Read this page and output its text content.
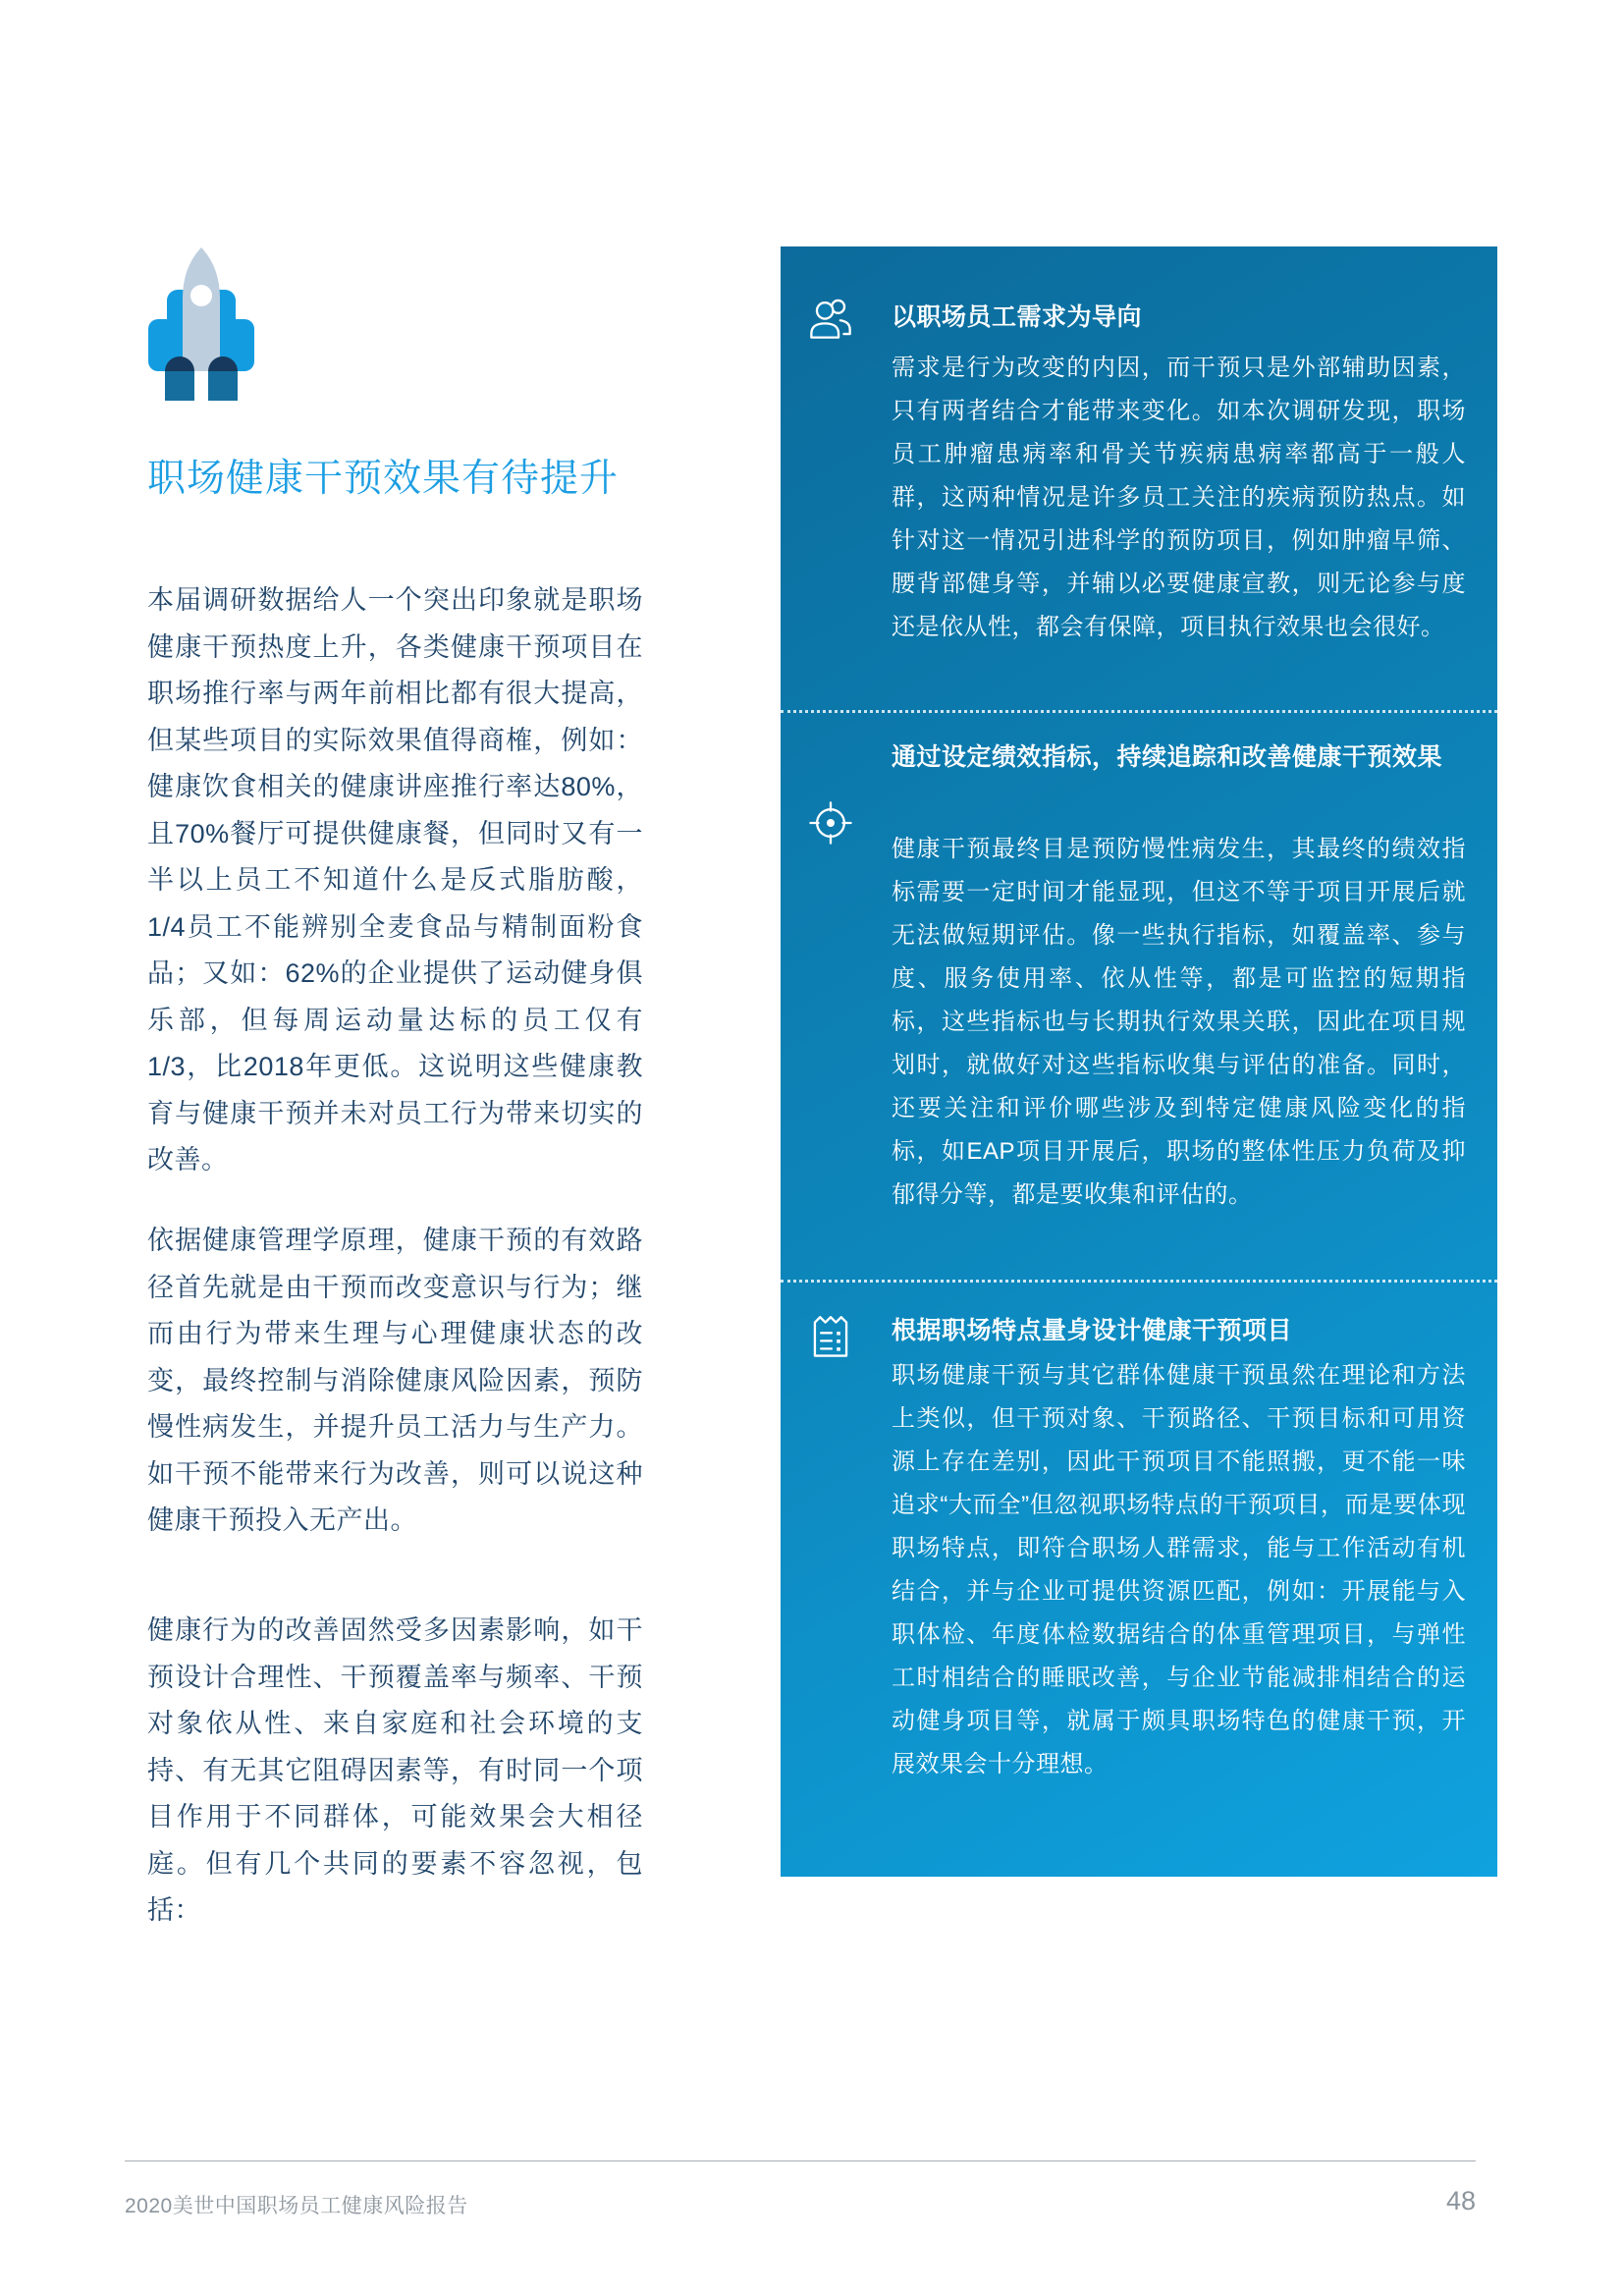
职场健康干预效果有待提升

本届调研数据给人一个突出印象就是职场健康干预热度上升，各类健康干预项目在职场推行率与两年前相比都有很大提高，但某些项目的实际效果值得商榷，例如：健康饮食相关的健康讲座推行率达80%，且70%餐厅可提供健康餐，但同时又有一半以上员工不知道什么是反式脂肪酸，1/4员工不能辨别全麦食品与精制面粉食品；又如：62%的企业提供了运动健身俱乐部，但每周运动量达标的员工仅有1/3，比2018年更低。这说明这些健康教育与健康干预并未对员工行为带来切实的改善。

依据健康管理学原理，健康干预的有效路径首先就是由干预而改变意识与行为；继而由行为带来生理与心理健康状态的改变，最终控制与消除健康风险因素，预防慢性病发生，并提升员工活力与生产力。如干预不能带来行为改善，则可以说这种健康干预投入无产出。

健康行为的改善固然受多因素影响，如干预设计合理性、干预覆盖率与频率、干预对象依从性、来自家庭和社会环境的支持、有无其它阻碍因素等，有时同一个项目作用于不同群体，可能效果会大相径庭。但有几个共同的要素不容忽视，包括：

以职场员工需求为导向

需求是行为改变的内因，而干预只是外部辅助因素，只有两者结合才能带来变化。如本次调研发现，职场员工肿瘤患病率和骨关节疾病患病率都高于一般人群，这两种情况是许多员工关注的疾病预防热点。如针对这一情况引进科学的预防项目，例如肿瘤早筛、腰背部健身等，并辅以必要健康宣教，则无论参与度还是依从性，都会有保障，项目执行效果也会很好。

通过设定绩效指标，持续追踪和改善健康干预效果

健康干预最终目是预防慢性病发生，其最终的绩效指标需要一定时间才能显现，但这不等于项目开展后就无法做短期评估。像一些执行指标，如覆盖率、参与度、服务使用率、依从性等，都是可监控的短期指标，这些指标也与长期执行效果关联，因此在项目规划时，就做好对这些指标收集与评估的准备。同时，还要关注和评价哪些涉及到特定健康风险变化的指标，如EAP项目开展后，职场的整体性压力负荷及抑郁得分等，都是要收集和评估的。

根据职场特点量身设计健康干预项目

职场健康干预与其它群体健康干预虽然在理论和方法上类似，但干预对象、干预路径、干预目标和可用资源上存在差别，因此干预项目不能照搬，更不能一味追求“大而全”但忽视职场特点的干预项目，而是要体现职场特点，即符合职场人群需求，能与工作活动有机结合，并与企业可提供资源匹配，例如：开展能与入职体检、年度体检数据结合的体重管理项目，与弹性工时相结合的睡眠改善，与企业节能减排相结合的运动健身项目等，就属于颇具职场特色的健康干预，开展效果会十分理想。

2020美世中国职场员工健康风险报告	48
